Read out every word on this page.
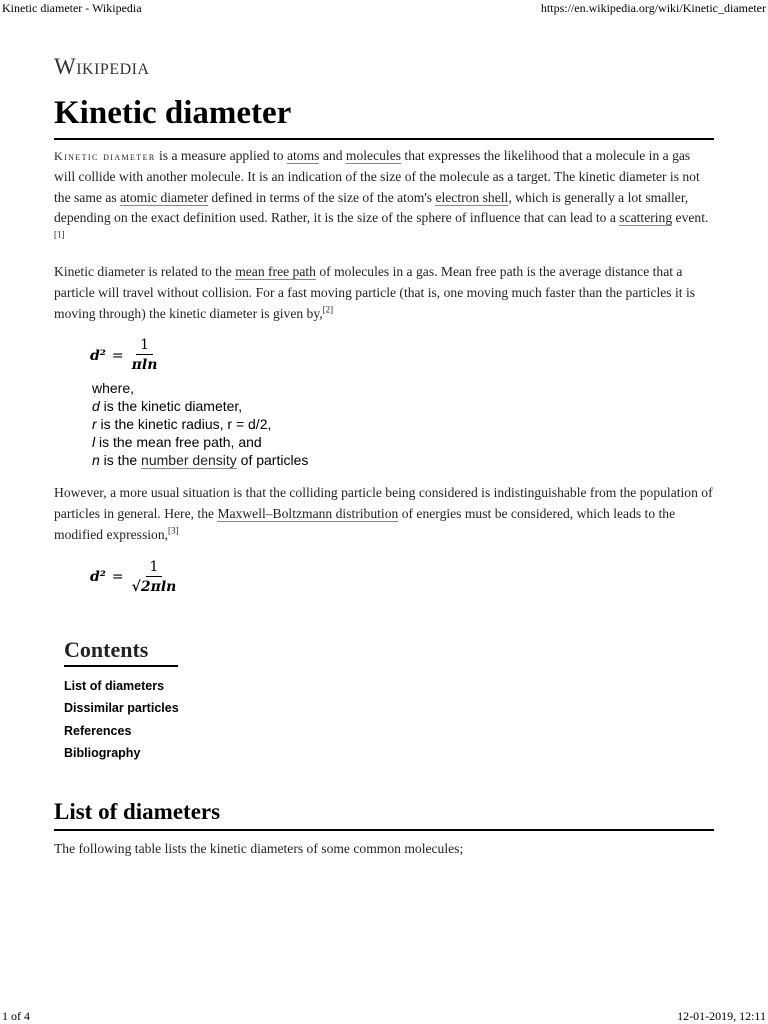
Kinetic diameter - Wikipedia	https://en.wikipedia.org/wiki/Kinetic_diameter
Wikipedia
Kinetic diameter

Kinetic diameter is a measure applied to atoms and molecules that expresses the likelihood that a molecule in a gas will collide with another molecule. It is an indication of the size of the molecule as a target. The kinetic diameter is not the same as atomic diameter defined in terms of the size of the atom's electron shell, which is generally a lot smaller, depending on the exact definition used. Rather, it is the size of the sphere of influence that can lead to a scattering event.[1]

Kinetic diameter is related to the mean free path of molecules in a gas. Mean free path is the average distance that a particle will travel without collision. For a fast moving particle (that is, one moving much faster than the particles it is moving through) the kinetic diameter is given by,[2]

$d^2 = \frac{1}{\pi\ln}$
where,
d is the kinetic diameter,
r is the kinetic radius, r = d/2,
l is the mean free path, and
n is the number density of particles

However, a more usual situation is that the colliding particle being considered is indistinguishable from the population of particles in general. Here, the Maxwell–Boltzmann distribution of energies must be considered, which leads to the modified expression,[3]

$d^2 = \frac{1}{√2\pi\ln}$
Contents
List of diameters
Dissimilar particles
References
Bibliography
List of diameters

The following table lists the kinetic diameters of some common molecules;

1 of 4	12-01-2019, 12:11
